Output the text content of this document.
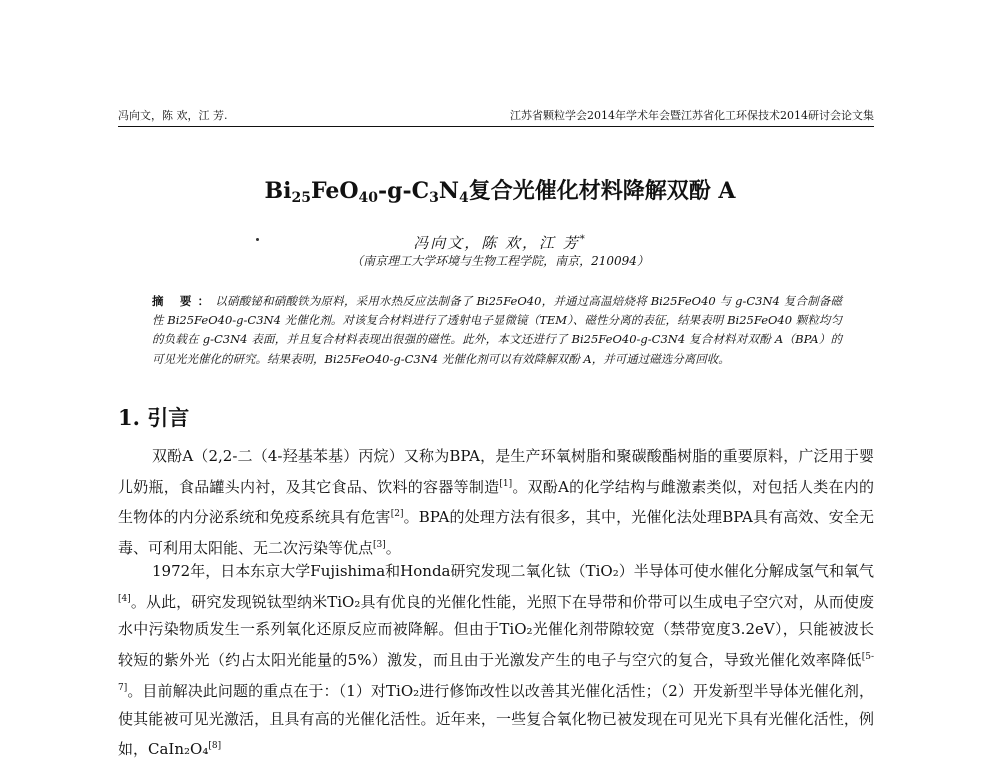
冯向文，陈 欢，江 芳.	江苏省颗粒学会2014年学术年会暨江苏省化工环保技术2014研讨会论文集
$Bi_{25}FeO_{40}-g-C_3N_4$复合光催化材料降解双酚 A
冯向文，陈 欢，江 芳*
（南京理工大学环境与生物工程学院，南京，210094）
摘 要：以硝酸铋和硝酸铁为原料，采用水热反应法制备了 Bi25FeO40，并通过高温焙烧将 Bi25FeO40 与 g-C3N4 复合制备磁性 Bi25FeO40-g-C3N4 光催化剂。对该复合材料进行了透射电子显微镜（TEM）、磁性分离的表征，结果表明 Bi25FeO40 颗粒均匀的负载在 g-C3N4 表面，并且复合材料表现出很强的磁性。此外，本文还进行了 Bi25FeO40-g-C3N4 复合材料对双酚 A（BPA）的可见光光催化的研究。结果表明，Bi25FeO40-g-C3N4 光催化剂可以有效降解双酚 A，并可通过磁选分离回收。
1. 引言
双酚A（2,2-二（4-羟基苯基）丙烷）又称为BPA，是生产环氧树脂和聚碳酸酯树脂的重要原料，广泛用于婴儿奶瓶，食品罐头内衬，及其它食品、饮料的容器等制造[1]。双酚A的化学结构与雌激素类似，对包括人类在内的生物体的内分泌系统和免疫系统具有危害[2]。BPA的处理方法有很多，其中，光催化法处理BPA具有高效、安全无毒、可利用太阳能、无二次污染等优点[3]。
1972年，日本东京大学Fujishima和Honda研究发现二氧化钛（TiO₂）半导体可使水催化分解成氢气和氧气[4]。从此，研究发现锐钛型纳米TiO₂具有优良的光催化性能，光照下在导带和价带可以生成电子空穴对，从而使废水中污染物质发生一系列氧化还原反应而被降解。但由于TiO₂光催化剂带隙较宽（禁带宽度3.2eV），只能被波长较短的紫外光（约占太阳光能量的5%）激发，而且由于光激发产生的电子与空穴的复合，导致光催化效率降低[5-7]。目前解决此问题的重点在于：（1）对TiO₂进行修饰改性以改善其光催化活性；（2）开发新型半导体光催化剂，使其能被可见光激活，且具有高的光催化活性。近年来，一些复合氧化物已被发现在可见光下具有光催化活性，例如，CaIn₂O₄[8]
